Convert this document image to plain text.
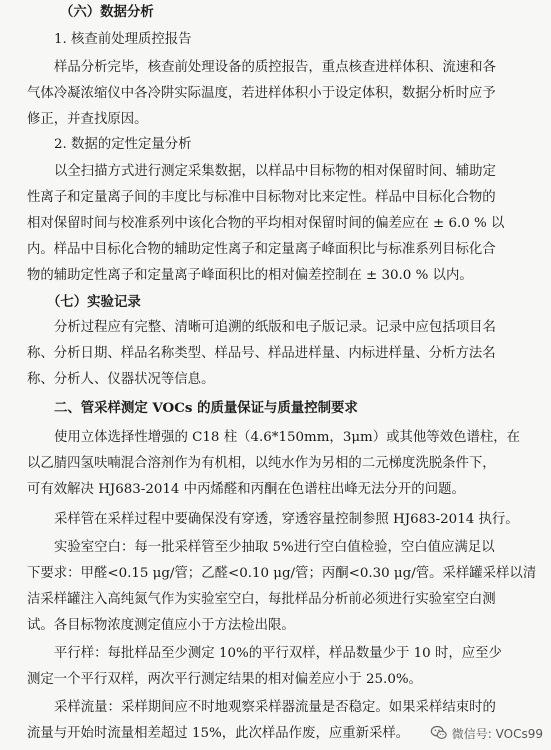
（六）数据分析
1. 核查前处理质控报告
样品分析完毕，核查前处理设备的质控报告，重点核查进样体积、流速和各
气体冷凝浓缩仪中各冷阱实际温度，若进样体积小于设定体积，数据分析时应予
修正，并查找原因。
2. 数据的定性定量分析
以全扫描方式进行测定采集数据，以样品中目标物的相对保留时间、辅助定
性离子和定量离子间的丰度比与标准中目标物对比来定性。样品中目标化合物的
相对保留时间与校准系列中该化合物的平均相对保留时间的偏差应在 ± 6.0 % 以
内。样品中目标化合物的辅助定性离子和定量离子峰面积比与标准系列目标化合
物的辅助定性离子和定量离子峰面积比的相对偏差控制在 ± 30.0 % 以内。
（七）实验记录
分析过程应有完整、清晰可追溯的纸版和电子版记录。记录中应包括项目名
称、分析日期、样品名称类型、样品号、样品进样量、内标进样量、分析方法名
称、分析人、仪器状况等信息。
二、管采样测定 VOCs 的质量保证与质量控制要求
使用立体选择性增强的 C18 柱（4.6*150mm，3μm）或其他等效色谱柱，在
以乙腈四氢呋喃混合溶剂作为有机相，以纯水作为另相的二元梯度洗脱条件下，
可有效解决 HJ683-2014 中丙烯醛和丙酮在色谱柱出峰无法分开的问题。
采样管在采样过程中要确保没有穿透，穿透容量控制参照 HJ683-2014 执行。
实验室空白：每一批采样管至少抽取 5%进行空白值检验，空白值应满足以
下要求：甲醛<0.15 μg/管；乙醛<0.10 μg/管；丙酮<0.30 μg/管。采样罐采样以清
洁采样罐注入高纯氮气作为实验室空白，每批样品分析前必须进行实验室空白测
试。各目标物浓度测定值应小于方法检出限。
平行样：每批样品至少测定 10%的平行双样，样品数量少于 10 时，应至少
测定一个平行双样，两次平行测定结果的相对偏差应小于 25.0%。
采样流量：采样期间应不时地观察采样器流量是否稳定。如果采样结束时的
流量与开始时流量相差超过 15%，此次样品作废，应重新采样。	微信号: VOCs99
